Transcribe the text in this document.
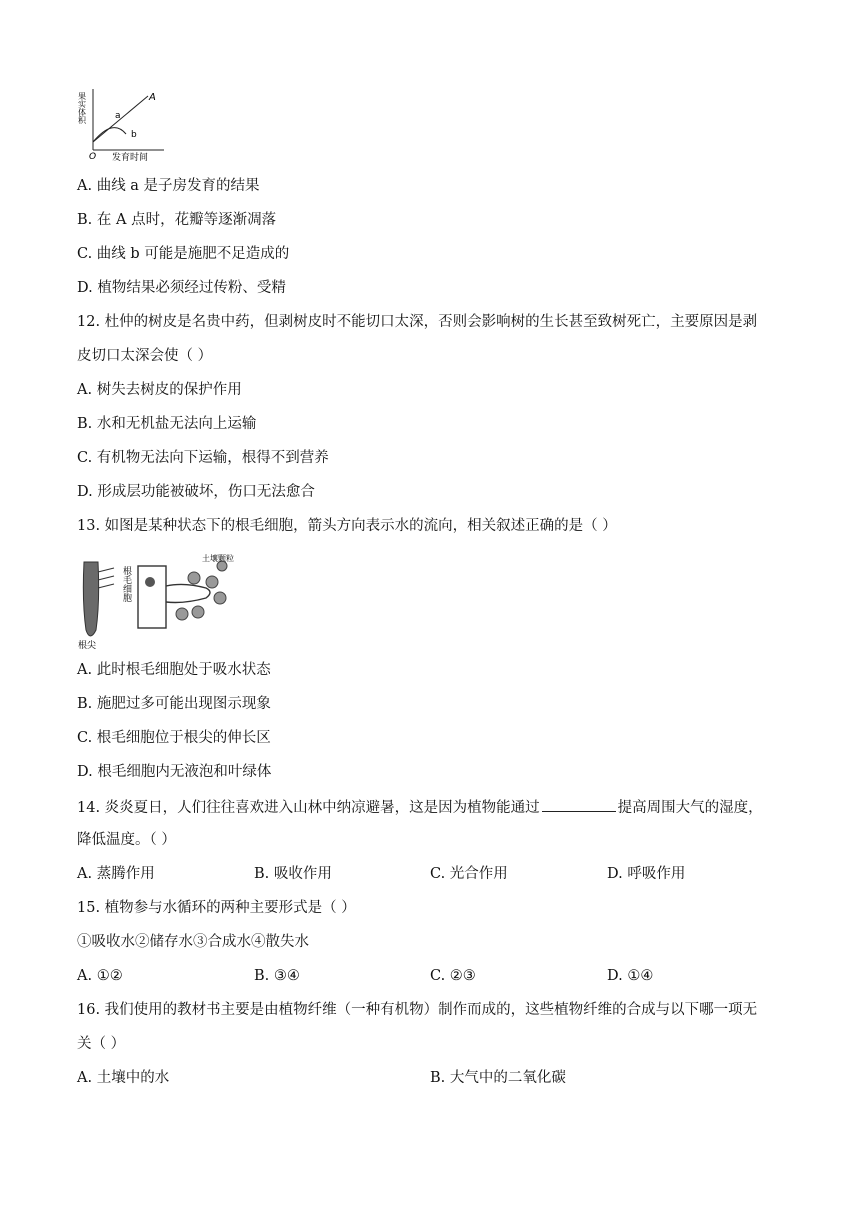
A
a
b
O 发育时间
果实体积
A. 曲线 a 是子房发育的结果
B. 在 A 点时，花瓣等逐渐凋落
C. 曲线 b 可能是施肥不足造成的
D. 植物结果必须经过传粉、受精
12. 杜仲的树皮是名贵中药，但剥树皮时不能切口太深，否则会影响树的生长甚至致树死亡，主要原因是剥
皮切口太深会使（ ）
A. 树失去树皮的保护作用
B. 水和无机盐无法向上运输
C. 有机物无法向下运输，根得不到营养
D. 形成层功能被破坏，伤口无法愈合
13. 如图是某种状态下的根毛细胞，箭头方向表示水的流向，相关叙述正确的是（ ）
根尖
根毛细胞
土壤颗粒
A. 此时根毛细胞处于吸水状态
B. 施肥过多可能出现图示现象
C. 根毛细胞位于根尖的伸长区
D. 根毛细胞内无液泡和叶绿体
14. 炎炎夏日，人们往往喜欢进入山林中纳凉避暑，这是因为植物能通过	提高周围大气的湿度，
降低温度。（ ）
A. 蒸腾作用	B. 吸收作用	C. 光合作用	D. 呼吸作用
15. 植物参与水循环的两种主要形式是（ ）
①吸收水②储存水③合成水④散失水
A. ①②	B. ③④	C. ②③	D. ①④
16. 我们使用的教材书主要是由植物纤维（一种有机物）制作而成的，这些植物纤维的合成与以下哪一项无
关（ ）
A. 土壤中的水	B. 大气中的二氧化碳
